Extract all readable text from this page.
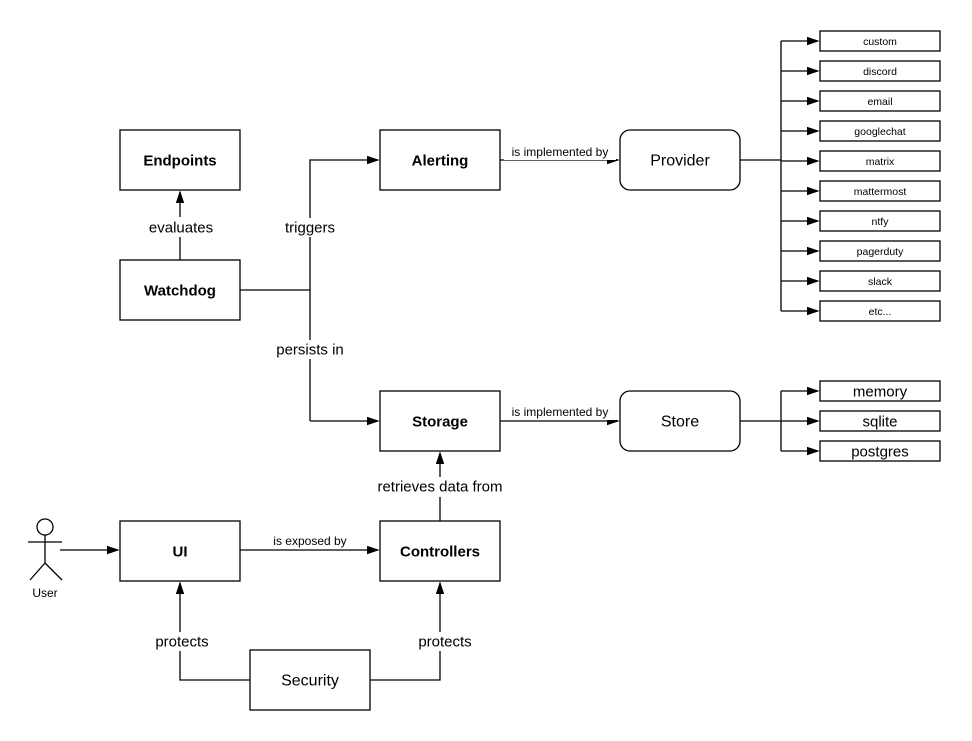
Endpoints
Watchdog
Alerting
Storage
UI	Controllers
Security
Provider
Store
custom
discord
email
googlechat
matrix
mattermost
ntfy
pagerduty
slack
etc...
memory
sqlite
postgres
User
evaluates	triggers
persists in
is implemented by
is implemented by
retrieves data from
is exposed by
protects	protects
